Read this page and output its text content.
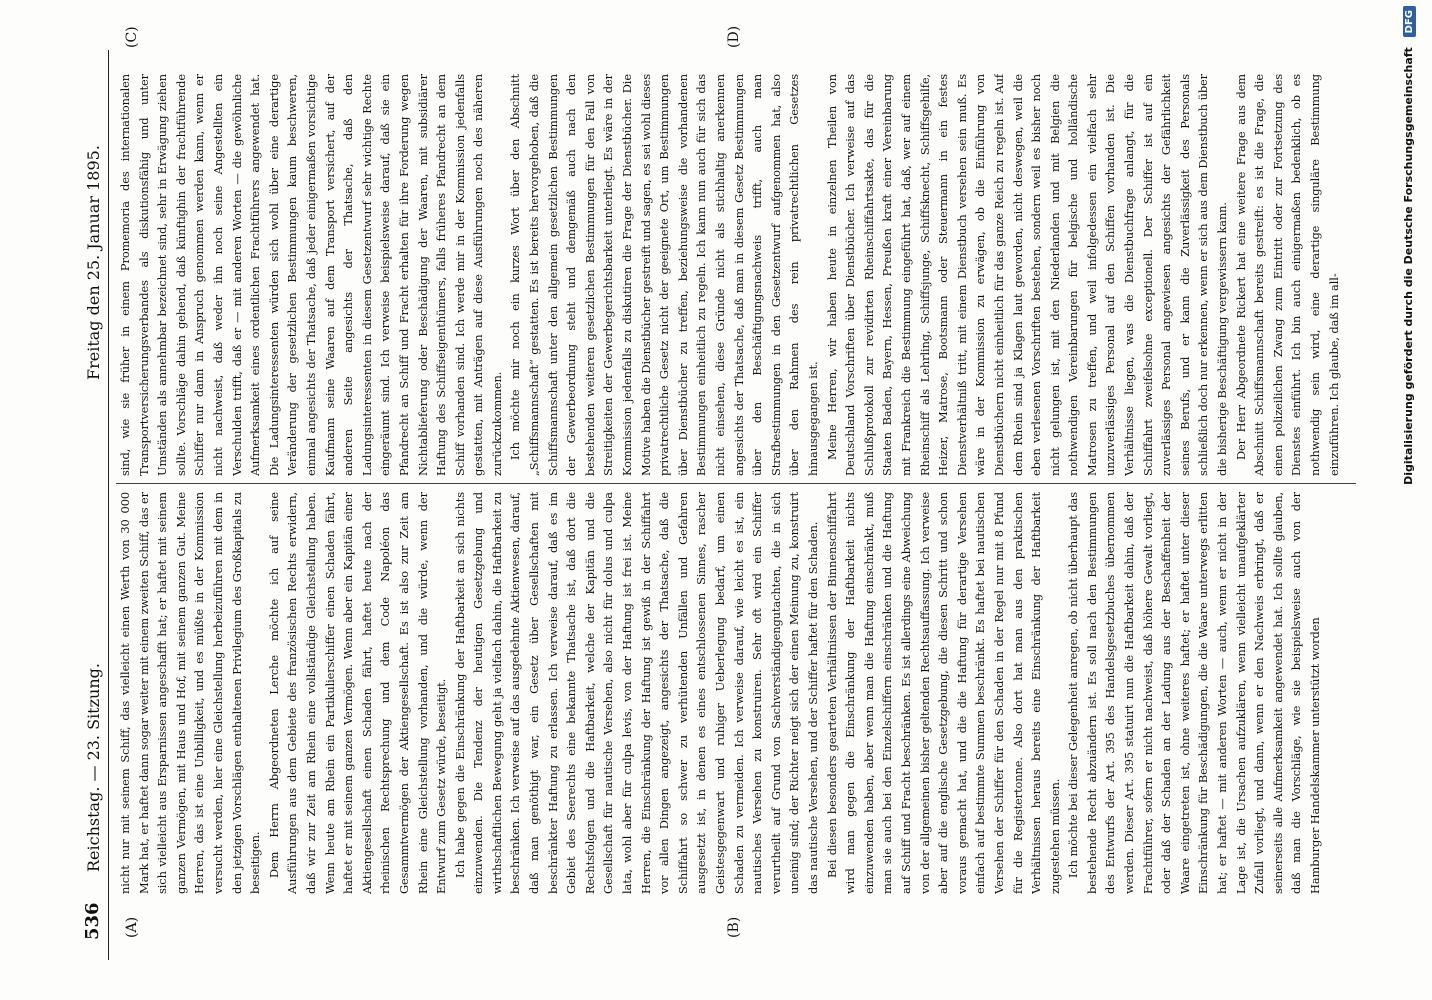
536
Reichstag. — 23. Sitzung.
Freitag den 25. Januar 1895.
(A)	(B)
(C)	(D)

nicht nur mit seinem Schiff, das vielleicht einen Werth von 30 000 Mark hat, er haftet dann sogar weiter mit einem zweiten Schiff, das er sich vielleicht aus Ersparnissen angeschafft hat; er haftet mit seinem ganzen Vermögen, mit Haus und Hof, mit seinem ganzen Gut. Meine Herren, das ist eine Unbilligkeit, und es müßte in der Kommission versucht werden, hier eine Gleichstellung herbeizuführen mit dem in den jetzigen Vorschlägen enthaltenen Privilegium des Großkapitals zu beseitigen. Dem Herrn Abgeordneten Lerche möchte ich auf seine Ausführungen aus dem Gebiete des französischen Rechts erwidern, daß wir zur Zeit am Rhein eine vollständige Gleichstellung haben. Wenn heute am Rhein ein Partikulierschiffer einen Schaden fährt, haftet er mit seinem ganzen Vermögen. Wenn aber ein Kapitän einer Aktiengesellschaft einen Schaden fährt, haftet heute nach der rheinischen Rechtsprechung und dem Code Napoléon das Gesammtvermögen der Aktiengesellschaft. Es ist also zur Zeit am Rhein eine Gleichstellung vorhanden, und die würde, wenn der Entwurf zum Gesetz würde, beseitigt. Ich habe gegen die Einschränkung der Haftbarkeit an sich nichts einzuwenden. Die Tendenz der heutigen Gesetzgebung und wirthschaftlichen Bewegung geht ja vielfach dahin, die Haftbarkeit zu beschränken. Ich verweise auf das ausgedehnte Aktienwesen, darauf, daß man genöthigt war, ein Gesetz über Gesellschaften mit beschränkter Haftung zu erlassen. Ich verweise darauf, daß es im Gebiet des Seerechts eine bekannte Thatsache ist, daß dort die Rechtsfolgen und die Haftbarkeit, welche der Kapitän und die Gesellschaft für nautische Versehen, also nicht für dolus und culpa lata, wohl aber für culpa levis, von der Haftung ist frei ist. Meine Herren, die Einschränkung der Haftung ist gewiß in der Schiffahrt vor allen Dingen angezeigt, angesichts der Thatsache, daß die Schiffahrt so schwer zu verhütenden Unfällen und Gefahren ausgesetzt ist, in denen es eines entschlossenen Sinnes, rascher Geistesgegenwart und ruhiger Ueberlegung bedarf, um einen Schaden zu vermeiden. Ich verweise darauf, wie leicht es ist, ein nautisches Versehen zu konstruiren. Sehr oft wird ein Schiffer verurtheilt auf Grund von Sachverständigengutachten, die in sich uneinig sind; der Richter neigt sich der einen Meinung zu, konstruirt das nautische Versehen, und der Schiffer haftet für den Schaden. Bei diesen besonders gearteten Verhältnissen der Binnenschiffahrt wird man gegen die Einschränkung der Haftbarkeit nichts einzuwenden haben, aber wenn man die Haftung einschränkt, muß man sie auch bei den Einzelschiffern einschränken und die Haftung auf Schiff und Fracht beschränken. Es ist allerdings eine Abweichung von der allgemeinen bisher geltenden Rechtsauffassung. Ich verweise aber auf die englische Gesetzgebung, die diesen Schritt und schon voraus gemacht hat, und die die Haftung für derartige Versehen einfach auf bestimmte Summen beschränkt. Es haftet bei nautischen Versehen der Schiffer für den Schaden in der Regel nur mit 8 Pfund für die Registertonne. Also dort hat man aus den praktischen Verhältnissen heraus bereits eine Einschränkung der Haftbarkeit zugestehen müssen. Ich möchte bei dieser Gelegenheit anregen, ob nicht überhaupt das bestehende Recht abzuändern ist. Es soll nach den Bestimmungen des Entwurfs der Art. 395 des Handelsgesetzbuches übernommen werden. Dieser Art. 395 statuirt nun die Haftbarkeit dahin, daß der Frachtführer, sofern er nicht nachweist, daß höhere Gewalt vorliegt, oder daß der Schaden an der Ladung aus der Beschaffenheit der Waare eingetreten ist, ohne weiteres haftet; er haftet unter dieser Einschränkung für Beschädigungen, die die Waare unterwegs erlitten hat; er haftet — mit anderen Worten — auch, wenn er nicht in der Lage ist, die Ursachen aufzuklären, wenn vielleicht unaufgeklärter Zufall vorliegt, und dann, wenn er den Nachweis erbringt, daß er seinerseits alle Aufmerksamkeit angewendet hat. Ich sollte glauben, daß man die Vorschläge, wie sie beispielsweise auch von der Hamburger Handelskammer unterstützt worden

sind, wie sie früher in einem Promemoria des internationalen Transportversicherungsverbandes als diskutionsfähig und unter Umständen als annehmbar bezeichnet sind, sehr in Erwägung ziehen sollte. Vorschläge dahin gehend, daß künftighin der frachtführende Schiffer nur dann in Anspruch genommen werden kann, wenn er nicht nachweist, daß weder ihn noch seine Angestellten ein Verschulden trifft, daß er — mit anderen Worten — die gewöhnliche Aufmerksamkeit eines ordentlichen Frachtführers angewendet hat. Die Ladungsinteressenten würden sich wohl über eine derartige Veränderung der gesetzlichen Bestimmungen kaum beschweren, einmal angesichts der Thatsache, daß jeder einigermaßen vorsichtige Kaufmann seine Waaren auf dem Transport versichert, auf der anderen Seite angesichts der Thatsache, daß den Ladungsinteressenten in diesem Gesetzentwurf sehr wichtige Rechte eingeräumt sind. Ich verweise beispielsweise darauf, daß sie ein Pfandrecht an Schiff und Fracht erhalten für ihre Forderung wegen Nichtablieferung oder Beschädigung der Waaren, mit subsidiärer Haftung des Schiffseigenthümers, falls früheres Pfandrecht an dem Schiff vorhanden sind. Ich werde mir in der Kommission jedenfalls gestatten, mit Anträgen auf diese Ausführungen noch des näheren zurückzukommen. Ich möchte mir noch ein kurzes Wort über den Abschnitt „Schiffsmannschaft“ gestatten. Es ist bereits hervorgehoben, daß die Schiffsmannschaft unter den allgemein gesetzlichen Bestimmungen der Gewerbeordnung steht und demgemäß auch nach den bestehenden weiteren gesetzlichen Bestimmungen für den Fall von Streitigkeiten der Gewerbegerichtsbarkeit unterliegt. Es wäre in der Kommission jedenfalls zu diskutiren die Frage der Dienstbücher. Die Motive haben die Dienstbücher gestreift und sagen, es sei wohl dieses privatrechtliche Gesetz nicht der geeignete Ort, um Bestimmungen über Dienstbücher zu treffen, beziehungsweise die vorhandenen Bestimmungen einheitlich zu regeln. Ich kann nun auch für sich das nicht einsehen, diese Gründe nicht als stichhaltig anerkennen angesichts der Thatsache, daß man in diesem Gesetz Bestimmungen über den Beschäftigungsnachweis trifft, auch man Strafbestimmungen in den Gesetzentwurf aufgenommen hat, also über den Rahmen des rein privatrechtlichen Gesetzes hinausgegangen ist. Meine Herren, wir haben heute in einzelnen Theilen von Deutschland Vorschriften über Dienstbücher. Ich verweise auf das Schlußprotokoll zur revidirten Rheinschiffahrtsakte, das für die Staaten Baden, Bayern, Hessen, Preußen kraft einer Vereinbarung mit Frankreich die Bestimmung eingeführt hat, daß, wer auf einem Rheinschiff als Lehrling, Schiffsjunge, Schiffsknecht, Schiffsgehilfe, Heizer, Matrose, Bootsmann oder Steuermann in ein festes Dienstverhältniß tritt, mit einem Dienstbuch versehen sein muß. Es wäre in der Kommission zu erwägen, ob die Einführung von Dienstbüchern nicht einheitlich für das ganze Reich zu regeln ist. Auf dem Rhein sind ja Klagen laut geworden, nicht deswegen, weil die eben verlesenen Vorschriften bestehen, sondern weil es bisher noch nicht gelungen ist, mit den Niederlanden und mit Belgien die nothwendigen Vereinbarungen für belgische und holländische Matrosen zu treffen, und weil infolgedessen ein vielfach sehr unzuverlässiges Personal auf den Schiffen vorhanden ist. Die Verhältnisse liegen, was die Dienstbuchfrage anlangt, für die Schiffahrt zweifelsohne exceptionell. Der Schiffer ist auf ein zuverlässiges Personal angewiesen angesichts der Gefährlichkeit seines Berufs, und er kann die Zuverlässigkeit des Personals schließlich doch nur erkennen, wenn er sich aus dem Dienstbuch über die bisherige Beschäftigung vergewissern kann. Der Herr Abgeordnete Rickert hat eine weitere Frage aus dem Abschnitt Schiffsmannschaft bereits gestreift: es ist die Frage, die einen polizeilichen Zwang zum Eintritt oder zur Fortsetzung des Dienstes einführt. Ich bin auch einigermaßen bedenklich, ob es nothwendig sein wird, eine derartige singuläre Bestimmung einzuführen. Ich glaube, daß im all-	Digitalisierung gefördert durch die Deutsche Forschungsgemeinschaft DFG
